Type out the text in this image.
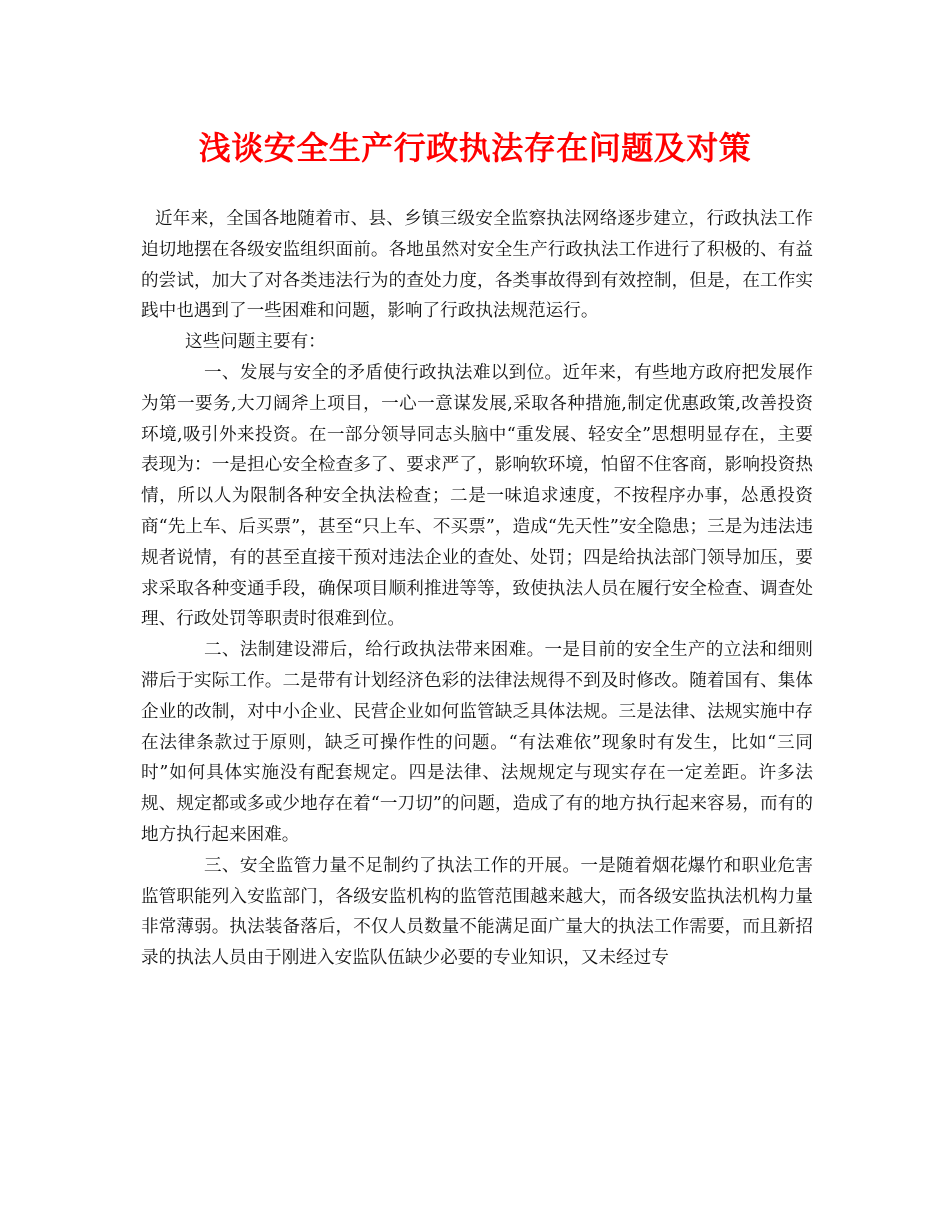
浅谈安全生产行政执法存在问题及对策

近年来，全国各地随着市、县、乡镇三级安全监察执法网络逐步建立，行政执法工作迫切地摆在各级安监组织面前。各地虽然对安全生产行政执法工作进行了积极的、有益的尝试，加大了对各类违法行为的查处力度，各类事故得到有效控制，但是，在工作实践中也遇到了一些困难和问题，影响了行政执法规范运行。

这些问题主要有：

一、发展与安全的矛盾使行政执法难以到位。近年来，有些地方政府把发展作为第一要务,大刀阔斧上项目，一心一意谋发展,采取各种措施,制定优惠政策,改善投资环境,吸引外来投资。在一部分领导同志头脑中“重发展、轻安全”思想明显存在，主要表现为：一是担心安全检查多了、要求严了，影响软环境，怕留不住客商，影响投资热情，所以人为限制各种安全执法检查；二是一味追求速度，不按程序办事，怂恿投资商“先上车、后买票”，甚至“只上车、不买票”，造成“先天性”安全隐患；三是为违法违规者说情，有的甚至直接干预对违法企业的查处、处罚；四是给执法部门领导加压，要求采取各种变通手段，确保项目顺利推进等等，致使执法人员在履行安全检查、调查处理、行政处罚等职责时很难到位。

二、法制建设滞后，给行政执法带来困难。一是目前的安全生产的立法和细则滞后于实际工作。二是带有计划经济色彩的法律法规得不到及时修改。随着国有、集体企业的改制，对中小企业、民营企业如何监管缺乏具体法规。三是法律、法规实施中存在法律条款过于原则，缺乏可操作性的问题。“有法难依”现象时有发生，比如“三同时”如何具体实施没有配套规定。四是法律、法规规定与现实存在一定差距。许多法规、规定都或多或少地存在着“一刀切”的问题，造成了有的地方执行起来容易，而有的地方执行起来困难。

三、安全监管力量不足制约了执法工作的开展。一是随着烟花爆竹和职业危害监管职能列入安监部门，各级安监机构的监管范围越来越大，而各级安监执法机构力量非常薄弱。执法装备落后，不仅人员数量不能满足面广量大的执法工作需要，而且新招录的执法人员由于刚进入安监队伍缺少必要的专业知识，又未经过专
